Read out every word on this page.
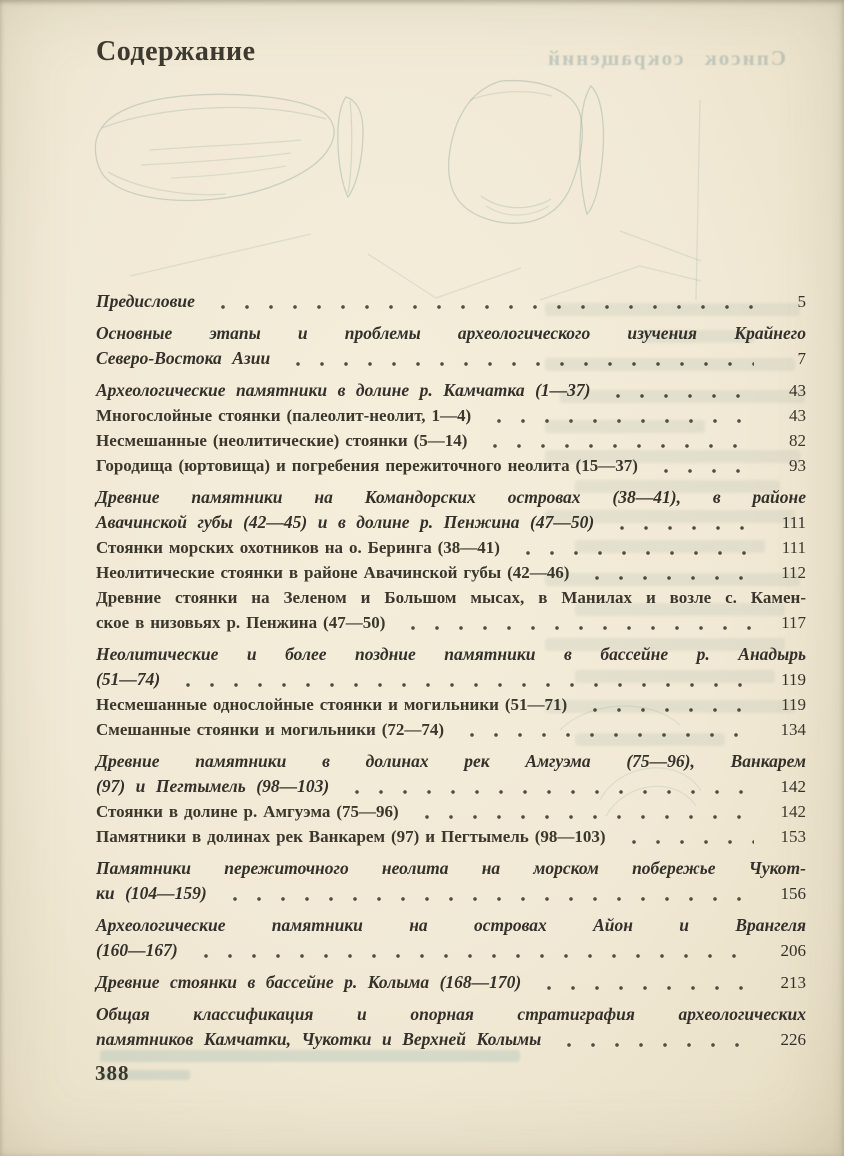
Список сокращений
Содержание
Предисловие	5
Основные этапы и проблемы археологического изучения Крайнего
Северо-Востока Азии	7
Археологические памятники в долине р. Камчатка (1—37)	43
Многослойные стоянки (палеолит-неолит, 1—4)	43
Несмешанные (неолитические) стоянки (5—14)	82
Городища (юртовища) и погребения пережиточного неолита (15—37)	93
Древние памятники на Командорских островах (38—41), в районе
Авачинской губы (42—45) и в долине р. Пенжина (47—50)	111
Стоянки морских охотников на о. Беринга (38—41)	111
Неолитические стоянки в районе Авачинской губы (42—46)	112
Древние стоянки на Зеленом и Большом мысах, в Манилах и возле с. Камен-
ское в низовьях р. Пенжина (47—50)	117
Неолитические и более поздние памятники в бассейне р. Анадырь
(51—74)	119
Несмешанные однослойные стоянки и могильники (51—71)	119
Смешанные стоянки и могильники (72—74)	134
Древние памятники в долинах рек Амгуэма (75—96), Ванкарем
(97) и Пегтымель (98—103)	142
Стоянки в долине р. Амгуэма (75—96)	142
Памятники в долинах рек Ванкарем (97) и Пегтымель (98—103)	153
Памятники пережиточного неолита на морском побережье Чукот-
ки (104—159)	156
Археологические памятники на островах Айон и Врангеля
(160—167)	206
Древние стоянки в бассейне р. Колыма (168—170)	213
Общая классификация и опорная стратиграфия археологических
памятников Камчатки, Чукотки и Верхней Колымы	226
388
